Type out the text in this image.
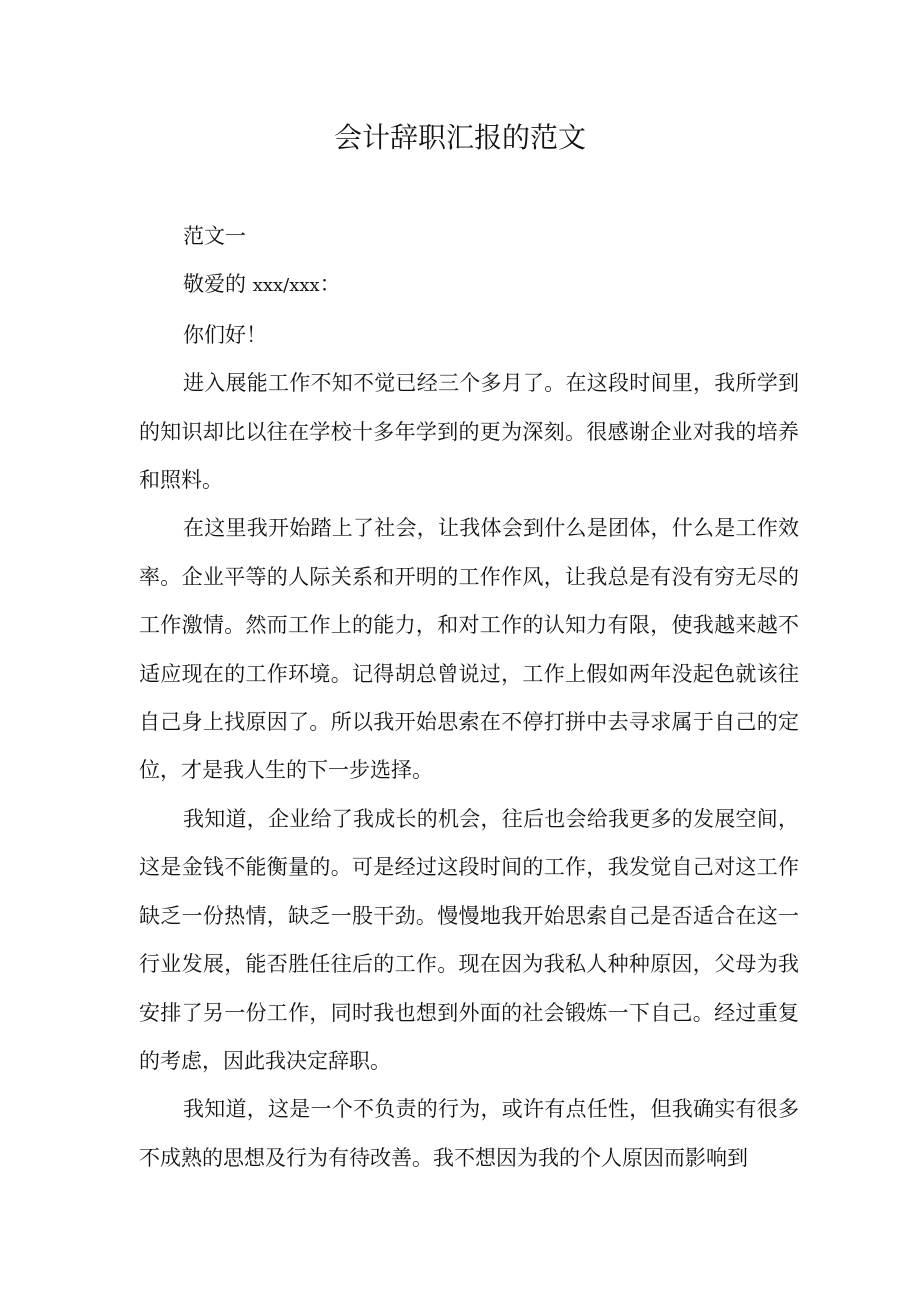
会计辞职汇报的范文

范文一

敬爱的 xxx/xxx：

你们好！

进入展能工作不知不觉已经三个多月了。在这段时间里，我所学到的知识却比以往在学校十多年学到的更为深刻。很感谢企业对我的培养和照料。

在这里我开始踏上了社会，让我体会到什么是团体，什么是工作效率。企业平等的人际关系和开明的工作作风，让我总是有没有穷无尽的工作激情。然而工作上的能力，和对工作的认知力有限，使我越来越不适应现在的工作环境。记得胡总曾说过，工作上假如两年没起色就该往自己身上找原因了。所以我开始思索在不停打拼中去寻求属于自己的定位，才是我人生的下一步选择。

我知道，企业给了我成长的机会，往后也会给我更多的发展空间，这是金钱不能衡量的。可是经过这段时间的工作，我发觉自己对这工作缺乏一份热情，缺乏一股干劲。慢慢地我开始思索自己是否适合在这一行业发展，能否胜任往后的工作。现在因为我私人种种原因，父母为我安排了另一份工作，同时我也想到外面的社会锻炼一下自己。经过重复的考虑，因此我决定辞职。

我知道，这是一个不负责的行为，或许有点任性，但我确实有很多不成熟的思想及行为有待改善。我不想因为我的个人原因而影响到
